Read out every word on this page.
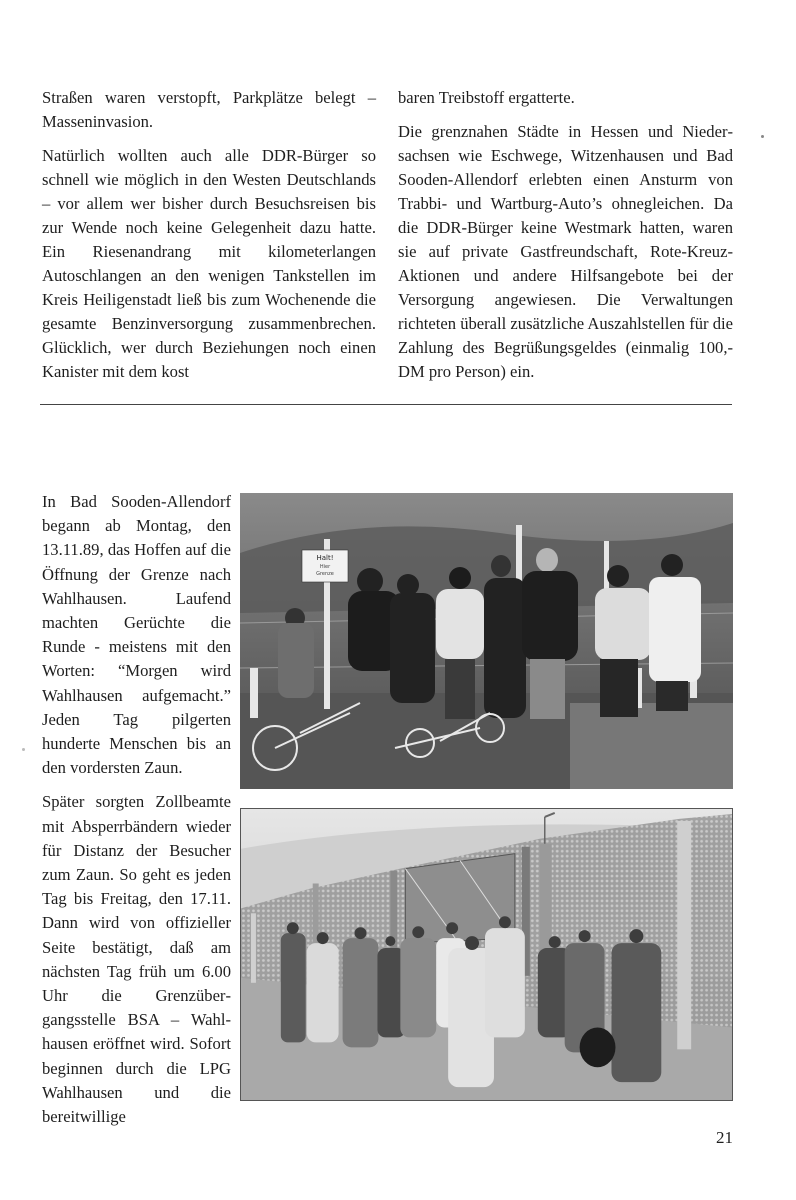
Straßen waren verstopft, Parkplätze belegt – Masseninvasion.

Natürlich wollten auch alle DDR-Bürger so schnell wie möglich in den Westen Deutschlands – vor allem wer bisher durch Besuchsreisen bis zur Wende noch keine Gelegenheit dazu hatte. Ein Riesenandrang mit kilometerlangen Autoschlangen an den wenigen Tankstellen im Kreis Heiligenstadt ließ bis zum Wochenende die gesamte Benzinversorgung zusammenbrechen. Glücklich, wer durch Beziehungen noch einen Kanister mit dem kost

baren Treibstoff ergatterte.

Die grenznahen Städte in Hessen und Niedersachsen wie Eschwege, Witzenhausen und Bad Sooden-Allendorf erlebten einen Ansturm von Trabbi- und Wartburg-Auto’s ohnegleichen. Da die DDR-Bürger keine Westmark hatten, waren sie auf private Gastfreundschaft, Rote-Kreuz-Aktionen und andere Hilfsangebote bei der Versorgung angewiesen. Die Verwaltungen richteten überall zusätzliche Auszahlstellen für die Zahlung des Begrüßungsgeldes (einmalig 100,- DM pro Person) ein.

In Bad Sooden-Allendorf begann ab Montag, den 13.11.89, das Hoffen auf die Öffnung der Grenze nach Wahlhausen. Laufend machten Gerüchte die Runde - meistens mit den Worten: “Morgen wird Wahlhausen aufgemacht.” Jeden Tag pilgerten hunderte Menschen bis an den vordersten Zaun.

Später sorgten Zollbeamte mit Absperrbändern wieder für Distanz der Besucher zum Zaun. So geht es jeden Tag bis Freitag, den 17.11. Dann wird von offizieller Seite bestätigt, daß am nächsten Tag früh um 6.00 Uhr die Grenzübergangsstelle BSA – Wahlhausen eröffnet wird. Sofort beginnen durch die LPG Wahlhausen und die bereitwillige

Halt!
Hier
Grenze
21
